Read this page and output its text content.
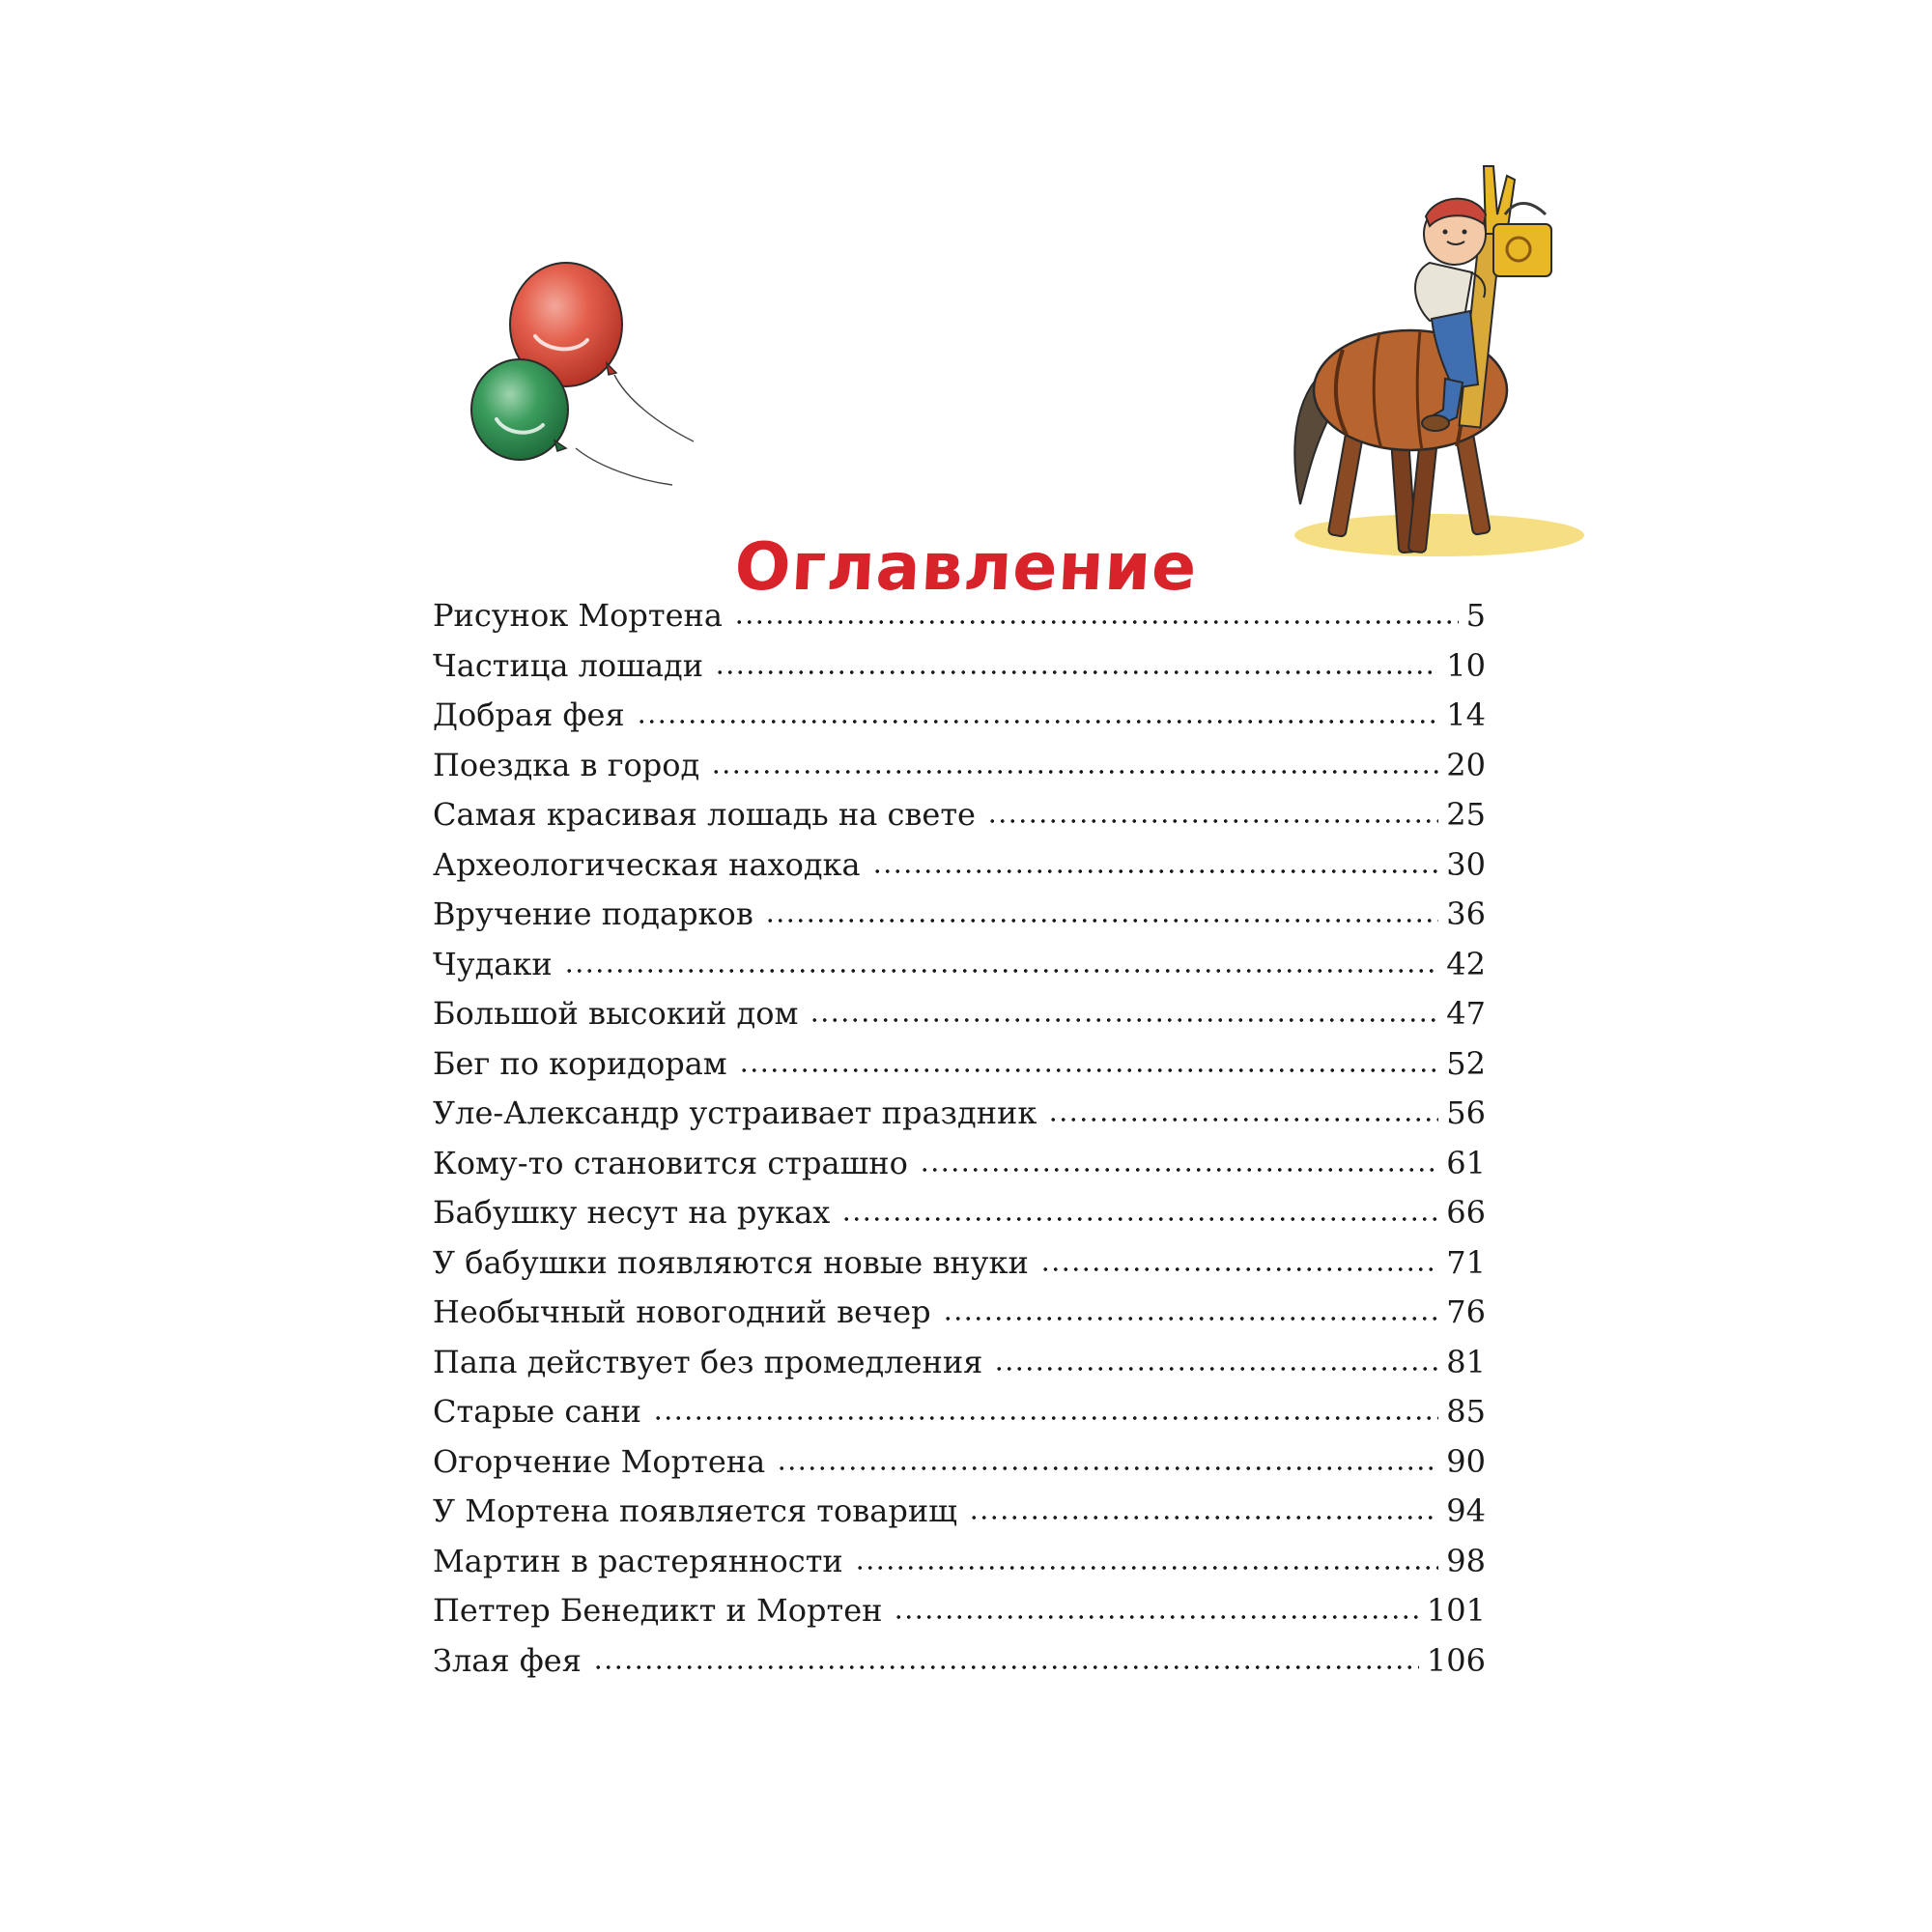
Оглавление
Рисунок Мортена	5
Частица лошади	10
Добрая фея	14
Поездка в город	20
Самая красивая лошадь на свете	25
Археологическая находка	30
Вручение подарков	36
Чудаки	42
Большой высокий дом	47
Бег по коридорам	52
Уле-Александр устраивает праздник	56
Кому-то становится страшно	61
Бабушку несут на руках	66
У бабушки появляются новые внуки	71
Необычный новогодний вечер	76
Папа действует без промедления	81
Старые сани	85
Огорчение Мортена	90
У Мортена появляется товарищ	94
Мартин в растерянности	98
Петтер Бенедикт и Мортен	101
Злая фея	106
